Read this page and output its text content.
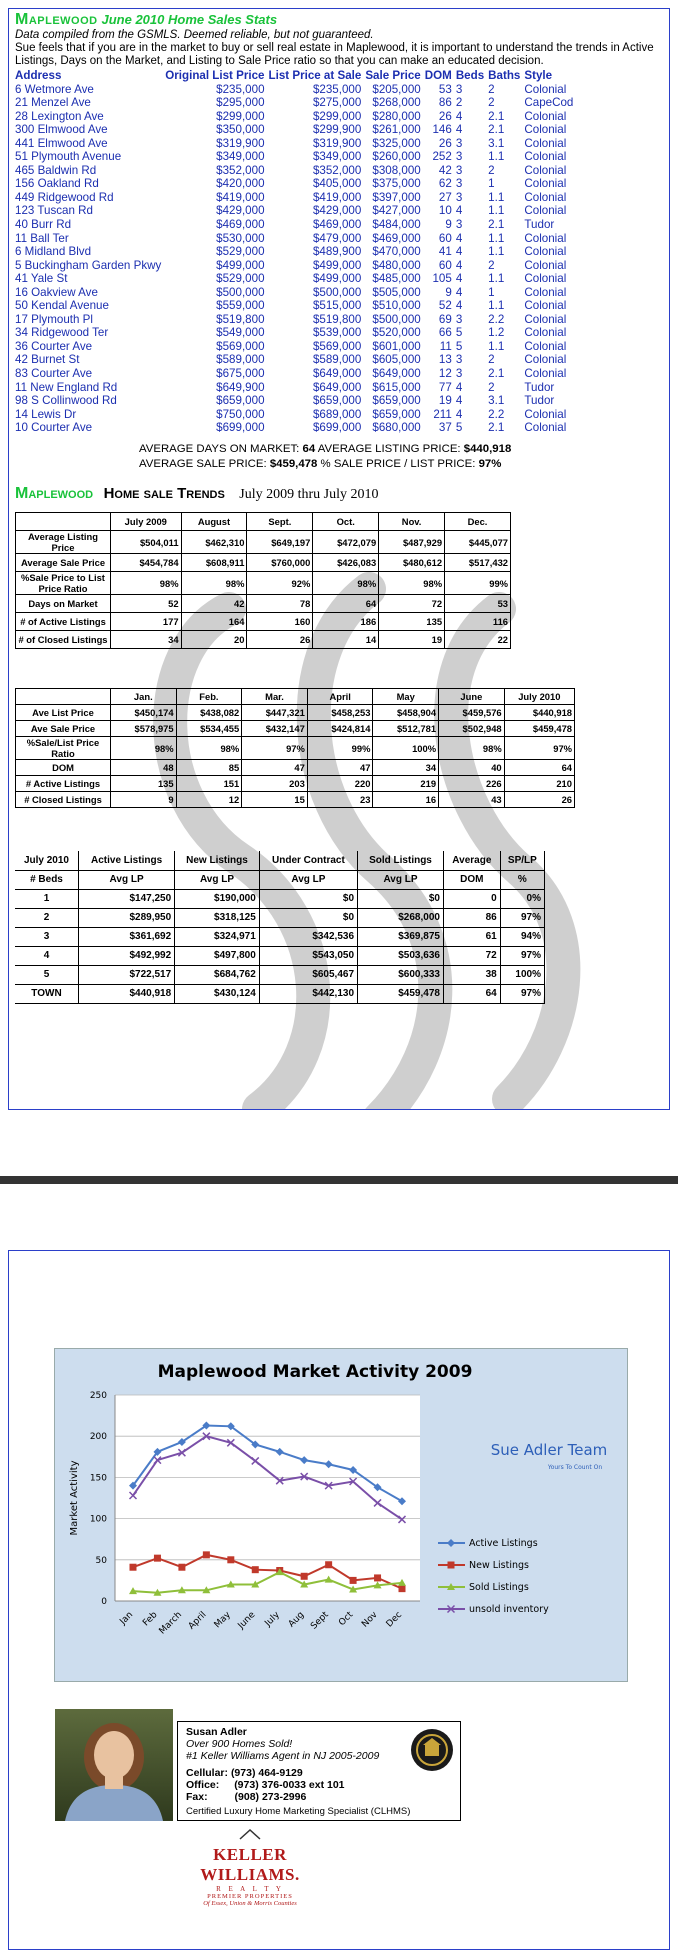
Maplewood June 2010 Home Sales Stats
Data compiled from the GSMLS. Deemed reliable, but not guaranteed.
Sue feels that if you are in the market to buy or sell real estate in Maplewood, it is important to understand the trends in Active Listings, Days on the Market, and Listing to Sale Price ratio so that you can make an educated decision.
Address	Original List Price	List Price at Sale	Sale Price	DOM	Beds	Baths	Style
6 Wetmore Ave	$235,000	$235,000	$205,000	53	3	2	Colonial
21 Menzel Ave	$295,000	$275,000	$268,000	86	2	2	CapeCod
28 Lexington Ave	$299,000	$299,000	$280,000	26	4	2.1	Colonial
300 Elmwood Ave	$350,000	$299,900	$261,000	146	4	2.1	Colonial
441 Elmwood Ave	$319,900	$319,900	$325,000	26	3	3.1	Colonial
51 Plymouth Avenue	$349,000	$349,000	$260,000	252	3	1.1	Colonial
465 Baldwin Rd	$352,000	$352,000	$308,000	42	3	2	Colonial
156 Oakland Rd	$420,000	$405,000	$375,000	62	3	1	Colonial
449 Ridgewood Rd	$419,000	$419,000	$397,000	27	3	1.1	Colonial
123 Tuscan Rd	$429,000	$429,000	$427,000	10	4	1.1	Colonial
40 Burr Rd	$469,000	$469,000	$484,000	9	3	2.1	Tudor
11 Ball Ter	$530,000	$479,000	$469,000	60	4	1.1	Colonial
6 Midland Blvd	$529,000	$489,900	$470,000	41	4	1.1	Colonial
5 Buckingham Garden Pkwy	$499,000	$499,000	$480,000	60	4	2	Colonial
41 Yale St	$529,000	$499,000	$485,000	105	4	1.1	Colonial
16 Oakview Ave	$500,000	$500,000	$505,000	9	4	1	Colonial
50 Kendal Avenue	$559,000	$515,000	$510,000	52	4	1.1	Colonial
17 Plymouth Pl	$519,800	$519,800	$500,000	69	3	2.2	Colonial
34 Ridgewood Ter	$549,000	$539,000	$520,000	66	5	1.2	Colonial
36 Courter Ave	$569,000	$569,000	$601,000	11	5	1.1	Colonial
42 Burnet St	$589,000	$589,000	$605,000	13	3	2	Colonial
83 Courter Ave	$675,000	$649,000	$649,000	12	3	2.1	Colonial
11 New England Rd	$649,900	$649,000	$615,000	77	4	2	Tudor
98 S Collinwood Rd	$659,000	$659,000	$659,000	19	4	3.1	Tudor
14 Lewis Dr	$750,000	$689,000	$659,000	211	4	2.2	Colonial
10 Courter Ave	$699,000	$699,000	$680,000	37	5	2.1	Colonial
AVERAGE DAYS ON MARKET: 64 AVERAGE LISTING PRICE: $440,918
AVERAGE SALE PRICE: $459,478 % SALE PRICE / LIST PRICE: 97%
Maplewood Home sale Trends July 2009 thru July 2010
	July 2009	August	Sept.	Oct.	Nov.	Dec.
Average Listing Price	$504,011	$462,310	$649,197	$472,079	$487,929	$445,077
Average Sale Price	$454,784	$608,911	$760,000	$426,083	$480,612	$517,432
%Sale Price to List Price Ratio	98%	98%	92%	98%	98%	99%
Days on Market	52	42	78	64	72	53
# of Active Listings	177	164	160	186	135	116
# of Closed Listings	34	20	26	14	19	22
	Jan.	Feb.	Mar.	April	May	June	July 2010
Ave List Price	$450,174	$438,082	$447,321	$458,253	$458,904	$459,576	$440,918
Ave Sale Price	$578,975	$534,455	$432,147	$424,814	$512,781	$502,948	$459,478
%Sale/List Price Ratio	98%	98%	97%	99%	100%	98%	97%
DOM	48	85	47	47	34	40	64
# Active Listings	135	151	203	220	219	226	210
# Closed Listings	9	12	15	23	16	43	26
July 2010	Active Listings	New Listings	Under Contract	Sold Listings	Average	SP/LP
# Beds	Avg LP	Avg LP	Avg LP	Avg LP	DOM	%
1	$147,250	$190,000	$0	$0	0	0%
2	$289,950	$318,125	$0	$268,000	86	97%
3	$361,692	$324,971	$342,536	$369,875	61	94%
4	$492,992	$497,800	$543,050	$503,636	72	97%
5	$722,517	$684,762	$605,467	$600,333	38	100%
TOWN	$440,918	$430,124	$442,130	$459,478	64	97%
Maplewood Market Activity 2009
0
50
100
150
200
250
Market Activity
Jan Feb
March April May June July Aug Sept Oct Nov Dec
Active Listings
New Listings
Sold Listings
unsold inventory
Sue Adler Team
Yours To Count On
Susan Adler
Over 900 Homes Sold!
#1 Keller Williams Agent in NJ 2005-2009
Cellular: (973) 464-9129
Office: (973) 376-0033 ext 101
Fax:	(908) 273-2996
Certified Luxury Home Marketing Specialist (CLHMS)
KELLER WILLIAMS.
R E A L T Y
PREMIER PROPERTIES
Of Essex, Union & Morris Counties
